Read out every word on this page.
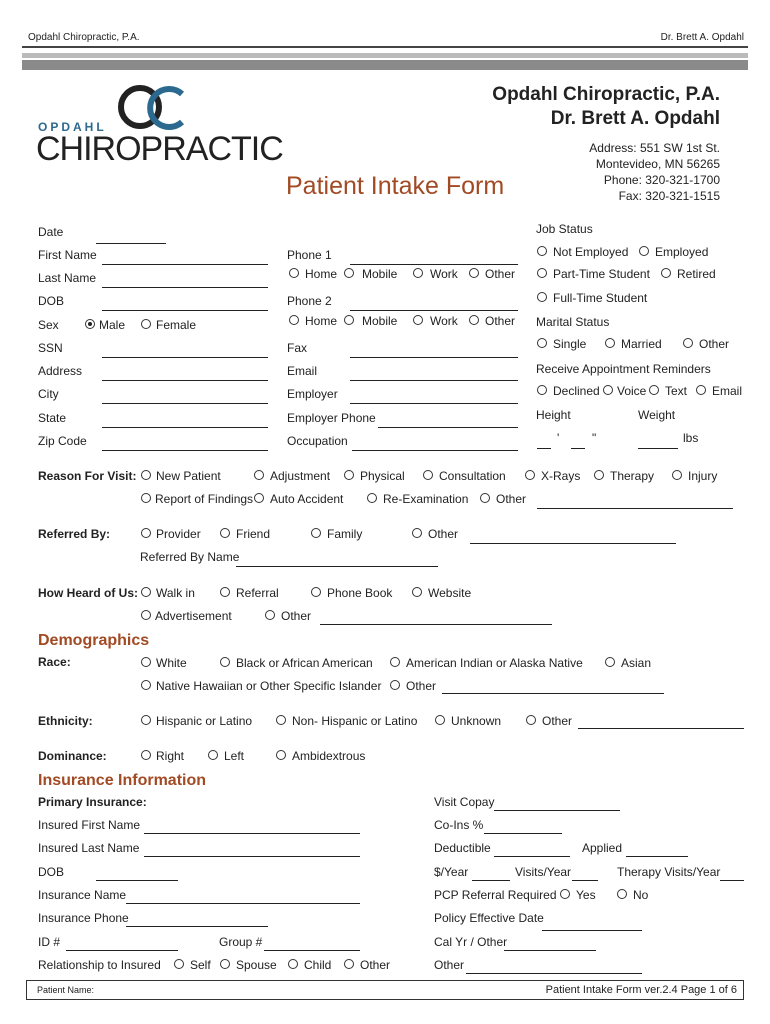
Opdahl Chiropractic, P.A.	Dr. Brett A. Opdahl
OPDAHL
CHIROPRACTIC
Opdahl Chiropractic, P.A.
Dr. Brett A. Opdahl
Address: 551 SW 1st St.
Montevideo, MN 56265
Phone: 320-321-1700
Fax: 320-321-1515
Patient Intake Form
Date
First Name
Last Name
DOB
Sex	Male	Female
SSN
Address
City
State
Zip Code
Phone 1
Home Mobile	Work Other
Phone 2
Home Mobile	Work Other
Fax
Email
Employer
Employer Phone
Occupation
Job Status
Not Employed Employed
Part-Time Student Retired
Full-Time Student
Marital Status
Single	Married	Other
Receive Appointment Reminders
Declined Voice Text Email
Height	Weight
'	"	lbs
Reason For Visit: New Patient	Adjustment Physical	Consultation	X-Rays Therapy	Injury
Report of Findings Auto Accident	Re-Examination Other
Referred By:	Provider	Friend	Family	Other
Referred By Name
How Heard of Us: Walk in	Referral	Phone Book	Website
Advertisement	Other
Demographics
Race:	White	Black or African American	American Indian or Alaska Native	Asian
Native Hawaiian or Other Specific Islander Other
Ethnicity:	Hispanic or Latino	Non- Hispanic or Latino	Unknown	Other
Dominance:	Right	Left	Ambidextrous
Insurance Information
Primary Insurance:
Insured First Name
Insured Last Name
DOB
Insurance Name
Insurance Phone
ID #	Group #
Relationship to Insured Self Spouse Child Other
Visit Copay
Co-Ins %
Deductible	Applied
$/Year	Visits/Year	Therapy Visits/Year
PCP Referral Required Yes	No
Policy Effective Date
Cal Yr / Other
Other
Patient Name:	Patient Intake Form ver.2.4 Page 1 of 6
